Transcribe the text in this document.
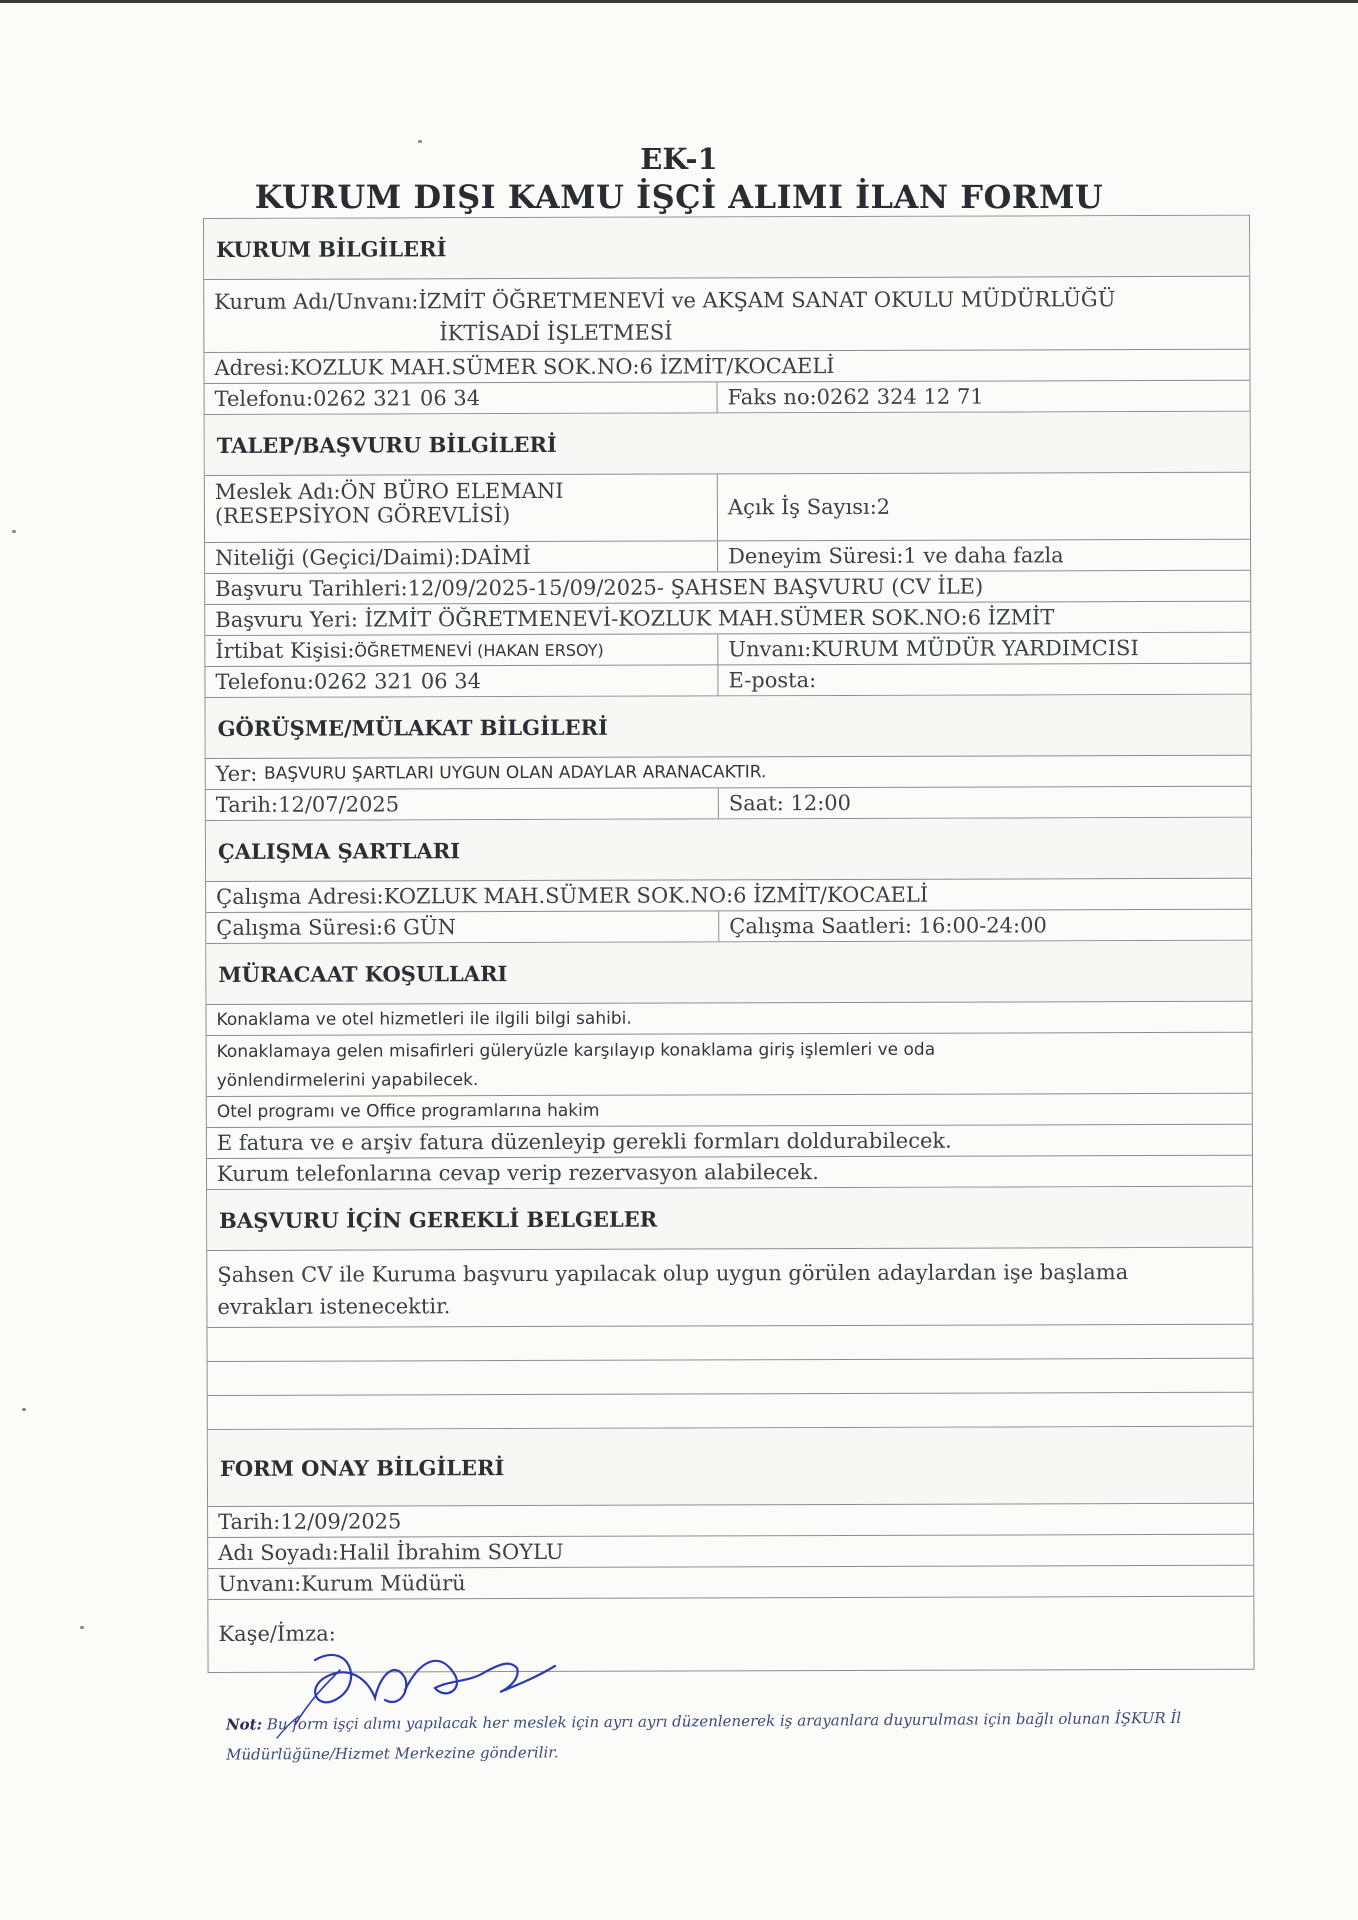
EK-1
KURUM DIŞI KAMU İŞÇİ ALIMI İLAN FORMU
KURUM BİLGİLERİ
Kurum Adı/Unvanı:İZMİT ÖĞRETMENEVİ ve AKŞAM SANAT OKULU MÜDÜRLÜĞÜ
İKTİSADİ İŞLETMESİ
Adresi:KOZLUK MAH.SÜMER SOK.NO:6 İZMİT/KOCAELİ
Telefonu:0262 321 06 34	Faks no:0262 324 12 71
TALEP/BAŞVURU BİLGİLERİ
Meslek Adı:ÖN BÜRO ELEMANI
(RESEPSİYON GÖREVLİSİ)	Açık İş Sayısı:2
Niteliği (Geçici/Daimi):DAİMİ	Deneyim Süresi:1 ve daha fazla
Başvuru Tarihleri:12/09/2025-15/09/2025- ŞAHSEN BAŞVURU (CV İLE)
Başvuru Yeri: İZMİT ÖĞRETMENEVİ-KOZLUK MAH.SÜMER SOK.NO:6 İZMİT
İrtibat Kişisi: ÖĞRETMENEVİ (HAKAN ERSOY)	Unvanı:KURUM MÜDÜR YARDIMCISI
Telefonu:0262 321 06 34	E-posta:
GÖRÜŞME/MÜLAKAT BİLGİLERİ
Yer:
BAŞVURU ŞARTLARI UYGUN OLAN ADAYLAR ARANACAKTIR.
Tarih:12/07/2025	Saat: 12:00
ÇALIŞMA ŞARTLARI
Çalışma Adresi:KOZLUK MAH.SÜMER SOK.NO:6 İZMİT/KOCAELİ
Çalışma Süresi:6 GÜN	Çalışma Saatleri: 16:00-24:00
MÜRACAAT KOŞULLARI
Konaklama ve otel hizmetleri ile ilgili bilgi sahibi.
Konaklamaya gelen misafirleri güleryüzle karşılayıp konaklama giriş işlemleri ve oda
yönlendirmelerini yapabilecek.
Otel programı ve Office programlarına hakim
E fatura ve e arşiv fatura düzenleyip gerekli formları doldurabilecek.
Kurum telefonlarına cevap verip rezervasyon alabilecek.
BAŞVURU İÇİN GEREKLİ BELGELER
Şahsen CV ile Kuruma başvuru yapılacak olup uygun görülen adaylardan işe başlama
evrakları istenecektir.
FORM ONAY BİLGİLERİ
Tarih:12/09/2025
Adı Soyadı:Halil İbrahim SOYLU
Unvanı:Kurum Müdürü
Kaşe/İmza:
Not: Bu form işçi alımı yapılacak her meslek için ayrı ayrı düzenlenerek iş arayanlara duyurulması için bağlı olunan İŞKUR İl Müdürlüğüne/Hizmet Merkezine gönderilir.
